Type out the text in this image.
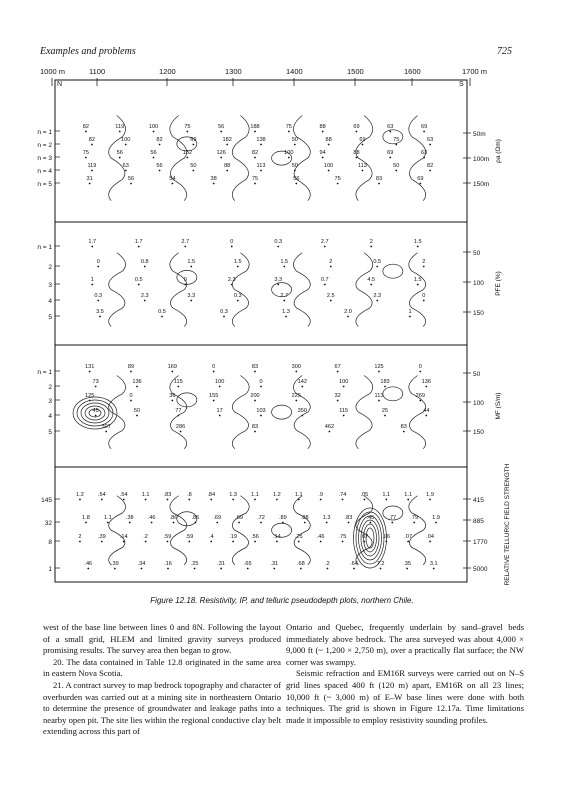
Examples and problems	725
1000 m	1100	1200	1300	1400	1500	1600	1700 m
N	S
n = 1
n = 2
n = 3
n = 4
n = 5
50m
100m
150m
ρa (Ωm)
82	119	100	75	56	188	75	88	69	63	69
82	100	82	69	182	138	50	88	69	75	63
75	56	56	132	126	82	100	94	88	69	63
119	63	56	50	88	113	50	100	113	50	82
31	56	54	38	75	56	75	83	69
n = 1
2
3
4
5
50
100
150
PFE (%)
1.7	1.7	2.7	0	0.3	2.7	2	1.5
0	0.8	1.5	1.5	1.5	2	0.5	2
1	0.5	0	2.3	3.3	0.7	4.5	1.5
0.3	2.3	3.3	0.3	2.7	2.5	2.3	0
3.5	0.5	0.3	1.3	2.0	1
n = 1
2
3
4
5
50
100
150
MF (S/m)
131	89	169	0	83	300	67	125	0
73	136	115	100	0	142	100	183	136
125	0	36	155	200	225	32	113	269
45	50	77	17	103	350	115	25	44
307	286	83	462	83
145
32
8
1
415
885
1770
5000	RELATIVE TELLURIC FIELD STRENGTH
1.2	.54	.54	1.1	.83	.8	.84	1.3	1.1	1.2	1.1	.9	.74	.05	1.1	1.1	1.9
1.8	1.1	.38	.46	.86	.86	.69	.69	.72	.89	.88	1.3	.83	.45	.77	.79	1.9
2	.39	.14	.2	.59	.59	.4	.19	.56	.14	.25	.46	.75	.07	.06	.07	.04
.46	.39	.34	.16	.25	.31	.65	.31	.68	.2	.64	7.2	.35	3.1
Figure 12.18. Resistivity, IP, and telluric pseudodepth plots, northern Chile.

west of the base line between lines 0 and 8N. Following the layout of a small grid, HLEM and limited gravity surveys produced promising results. The survey area then began to grow.

20. The data contained in Table 12.8 originated in the same area in eastern Nova Scotia.

21. A contract survey to map bedrock topography and character of overburden was carried out at a mining site in northeastern Ontario to determine the presence of groundwater and leakage paths into a nearby open pit. The site lies within the regional conductive clay belt extending across this part of

Ontario and Quebec, frequently underlain by sand–gravel beds immediately above bedrock. The area surveyed was about 4,000 × 9,000 ft (~ 1,200 × 2,750 m), over a practically flat surface; the NW corner was swampy.

Seismic refraction and EM16R surveys were carried out on N–S grid lines spaced 400 ft (120 m) apart, EM16R on all 23 lines; 10,000 ft (~ 3,000 m) of E–W base lines were done with both techniques. The grid is shown in Figure 12.17a. Time limitations made it impossible to employ resistivity sounding profiles.
